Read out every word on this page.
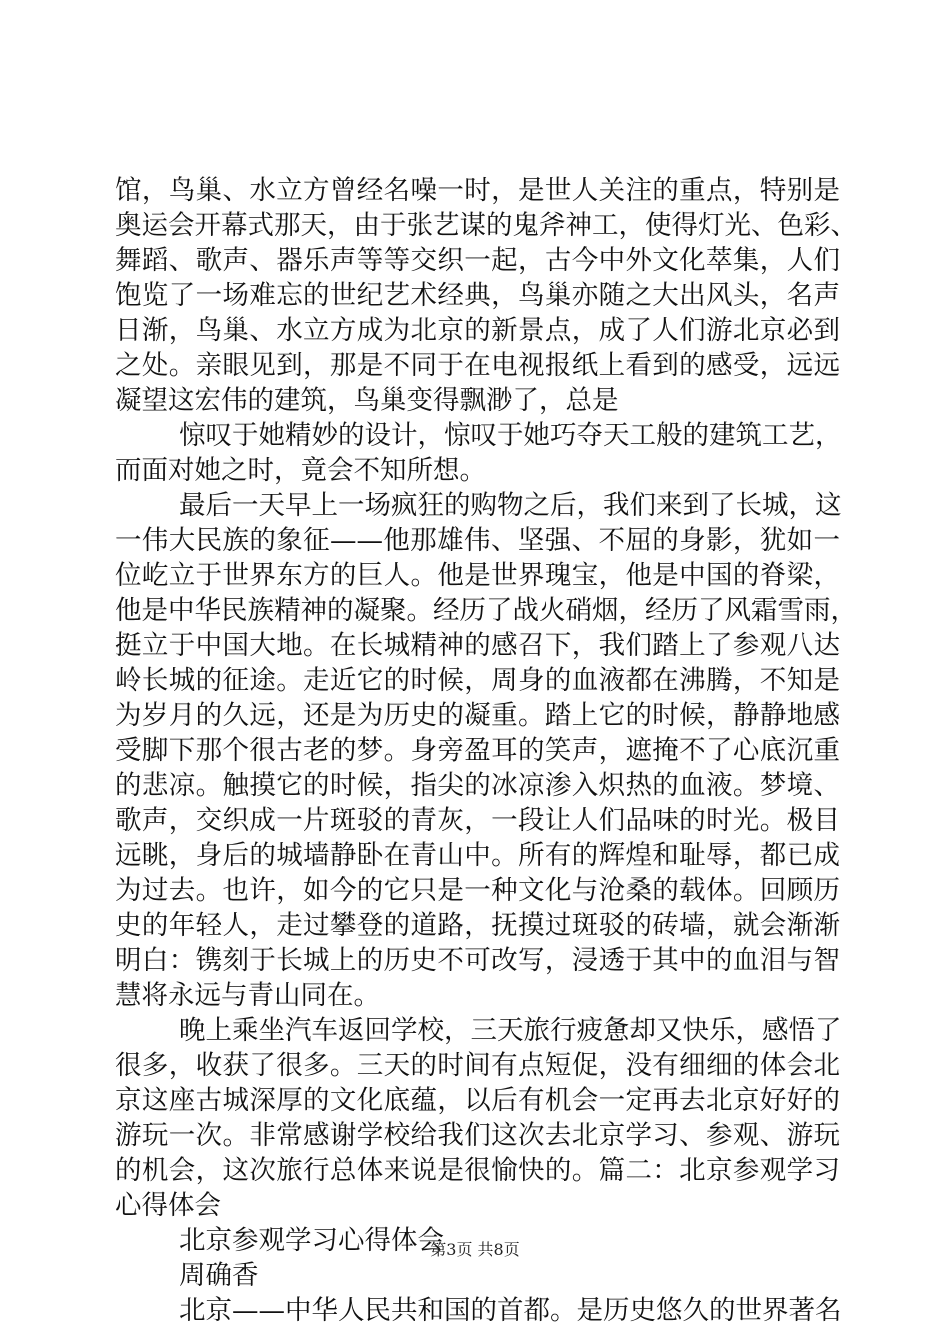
馆，鸟巢、水立方曾经名噪一时，是世人关注的重点，特别是
奥运会开幕式那天，由于张艺谋的鬼斧神工，使得灯光、色彩、
舞蹈、歌声、器乐声等等交织一起，古今中外文化萃集，人们
饱览了一场难忘的世纪艺术经典，鸟巢亦随之大出风头，名声
日渐，鸟巢、水立方成为北京的新景点，成了人们游北京必到
之处。亲眼见到，那是不同于在电视报纸上看到的感受，远远
凝望这宏伟的建筑，鸟巢变得飘渺了，总是
惊叹于她精妙的设计，惊叹于她巧夺天工般的建筑工艺，
而面对她之时，竟会不知所想。
最后一天早上一场疯狂的购物之后，我们来到了长城，这
一伟大民族的象征——他那雄伟、坚强、不屈的身影，犹如一
位屹立于世界东方的巨人。他是世界瑰宝，他是中国的脊梁，
他是中华民族精神的凝聚。经历了战火硝烟，经历了风霜雪雨，
挺立于中国大地。在长城精神的感召下，我们踏上了参观八达
岭长城的征途。走近它的时候，周身的血液都在沸腾，不知是
为岁月的久远，还是为历史的凝重。踏上它的时候，静静地感
受脚下那个很古老的梦。身旁盈耳的笑声，遮掩不了心底沉重
的悲凉。触摸它的时候，指尖的冰凉渗入炽热的血液。梦境、
歌声，交织成一片斑驳的青灰，一段让人们品味的时光。极目
远眺，身后的城墙静卧在青山中。所有的辉煌和耻辱，都已成
为过去。也许，如今的它只是一种文化与沧桑的载体。回顾历
史的年轻人，走过攀登的道路，抚摸过斑驳的砖墙，就会渐渐
明白：镌刻于长城上的历史不可改写，浸透于其中的血泪与智
慧将永远与青山同在。
晚上乘坐汽车返回学校，三天旅行疲惫却又快乐，感悟了
很多，收获了很多。三天的时间有点短促，没有细细的体会北
京这座古城深厚的文化底蕴，以后有机会一定再去北京好好的
游玩一次。非常感谢学校给我们这次去北京学习、参观、游玩
的机会，这次旅行总体来说是很愉快的。篇二：北京参观学习
心得体会
北京参观学习心得体会
周确香
北京——中华人民共和国的首都。是历史悠久的世界著名
第3页 共8页
